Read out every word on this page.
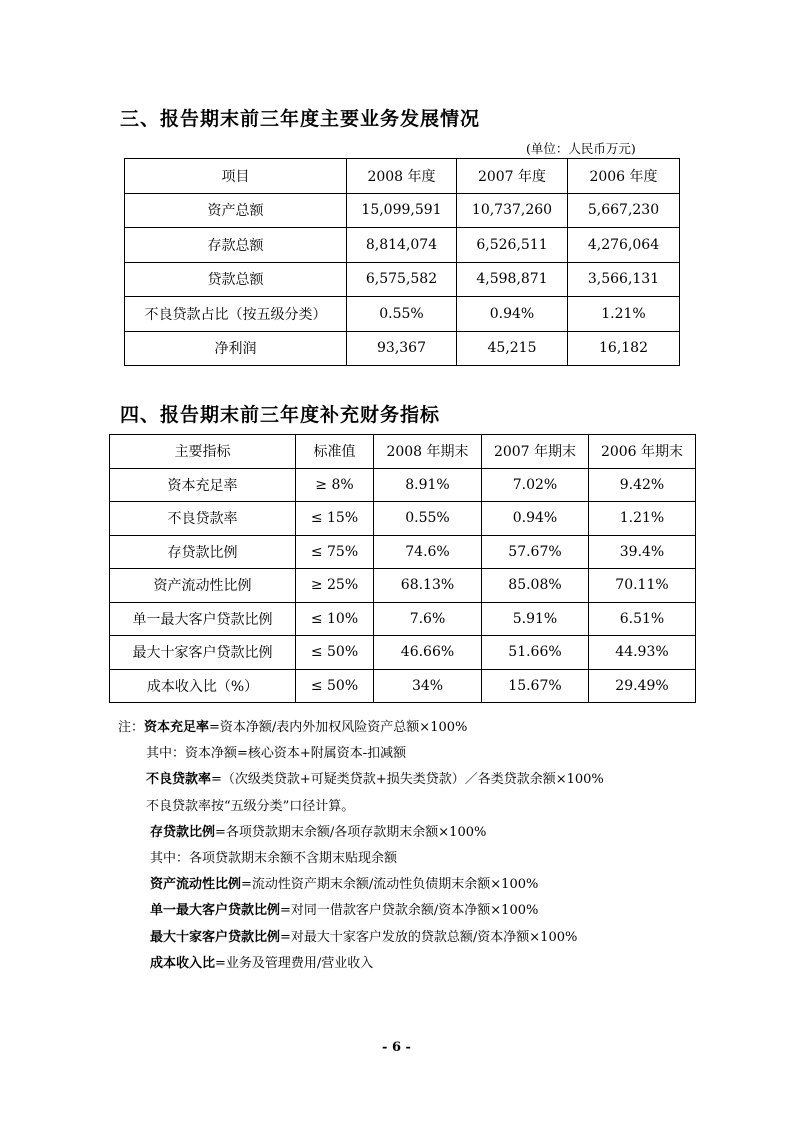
三、报告期末前三年度主要业务发展情况
(单位：人民币万元)
项目	2008 年度	2007 年度	2006 年度
资产总额	15,099,591	10,737,260	5,667,230
存款总额	8,814,074	6,526,511	4,276,064
贷款总额	6,575,582	4,598,871	3,566,131
不良贷款占比（按五级分类）	0.55%	0.94%	1.21%
净利润	93,367	45,215	16,182
四、报告期末前三年度补充财务指标
主要指标	标准值	2008 年期末	2007 年期末	2006 年期末
资本充足率	≥ 8%	8.91%	7.02%	9.42%
不良贷款率	≤ 15%	0.55%	0.94%	1.21%
存贷款比例	≤ 75%	74.6%	57.67%	39.4%
资产流动性比例	≥ 25%	68.13%	85.08%	70.11%
单一最大客户贷款比例	≤ 10%	7.6%	5.91%	6.51%
最大十家客户贷款比例	≤ 50%	46.66%	51.66%	44.93%
成本收入比（%）	≤ 50%	34%	15.67%	29.49%
注：资本充足率=资本净额/表内外加权风险资产总额×100%
其中：资本净额=核心资本+附属资本-扣减额
不良贷款率=（次级类贷款+可疑类贷款+损失类贷款）／各类贷款余额×100%
不良贷款率按“五级分类”口径计算。
存贷款比例=各项贷款期末余额/各项存款期末余额×100%
其中：各项贷款期末余额不含期末贴现余额
资产流动性比例=流动性资产期末余额/流动性负债期末余额×100%
单一最大客户贷款比例=对同一借款客户贷款余额/资本净额×100%
最大十家客户贷款比例=对最大十家客户发放的贷款总额/资本净额×100%
成本收入比=业务及管理费用/营业收入
- 6 -
